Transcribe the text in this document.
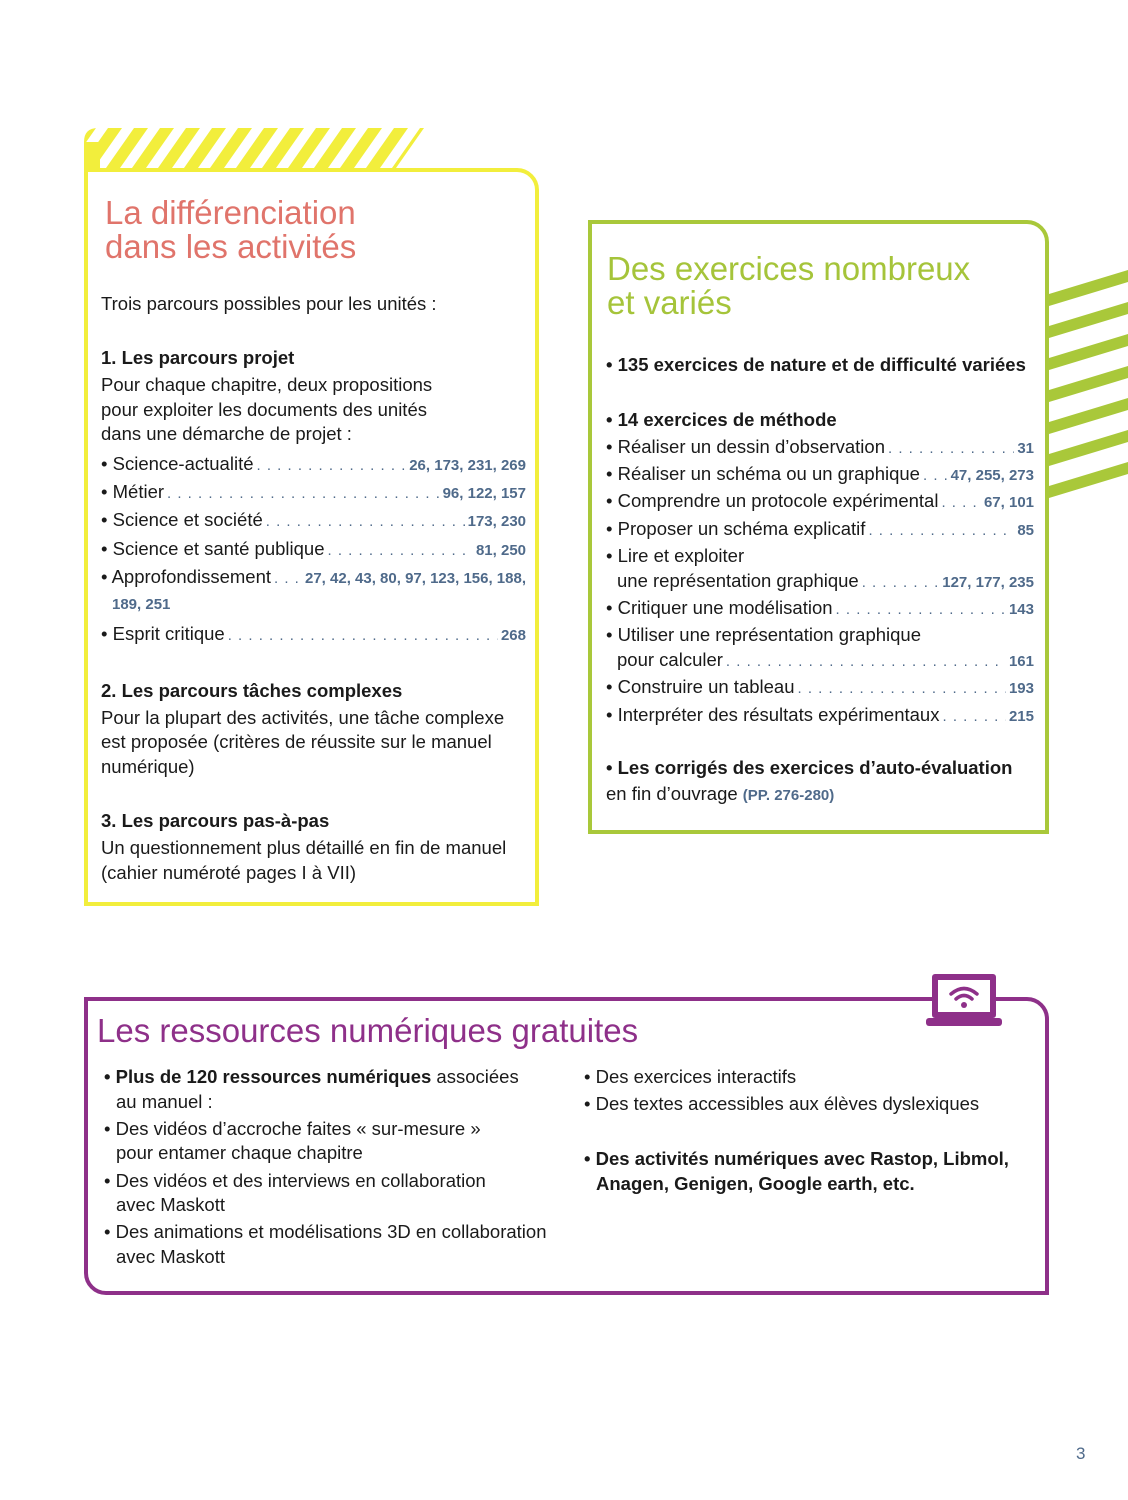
La différenciation
dans les activités
Trois parcours possibles pour les unités :
1. Les parcours projet
Pour chaque chapitre, deux propositions
pour exploiter les documents des unités
dans une démarche de projet :
• Science-actualité . . .	26, 173, 231, 269
• Métier . . .	96, 122, 157
• Science et société . . .	173, 230
• Science et santé publique . . .	81, 250
• Approfondissement . . . 27, 42, 43, 80, 97, 123, 156, 188,
189, 251
• Esprit critique . . .	268
2. Les parcours tâches complexes
Pour la plupart des activités, une tâche complexe
est proposée (critères de réussite sur le manuel
numérique)
3. Les parcours pas-à-pas
Un questionnement plus détaillé en fin de manuel
(cahier numéroté pages I à VII)
Des exercices nombreux
et variés
• 135 exercices de nature et de difficulté variées
• 14 exercices de méthode
• Réaliser un dessin d’observation . . .	31
• Réaliser un schéma ou un graphique . . . 47, 255, 273
• Comprendre un protocole expérimental . . .	67, 101
• Proposer un schéma explicatif . . .	85
• Lire et exploiter
une représentation graphique . . .	127, 177, 235
• Critiquer une modélisation . . .	143
• Utiliser une représentation graphique
pour calculer . . .	161
• Construire un tableau . . .	193
• Interpréter des résultats expérimentaux . . .	215
• Les corrigés des exercices d’auto-évaluation
en fin d’ouvrage (PP. 276-280)
Les ressources numériques gratuites
• Plus de 120 ressources numériques associées
au manuel :
• Des vidéos d’accroche faites « sur-mesure »
pour entamer chaque chapitre
• Des vidéos et des interviews en collaboration
avec Maskott
• Des animations et modélisations 3D en collaboration
avec Maskott
• Des exercices interactifs
• Des textes accessibles aux élèves dyslexiques
• Des activités numériques avec Rastop, Libmol,
Anagen, Genigen, Google earth, etc.
3
